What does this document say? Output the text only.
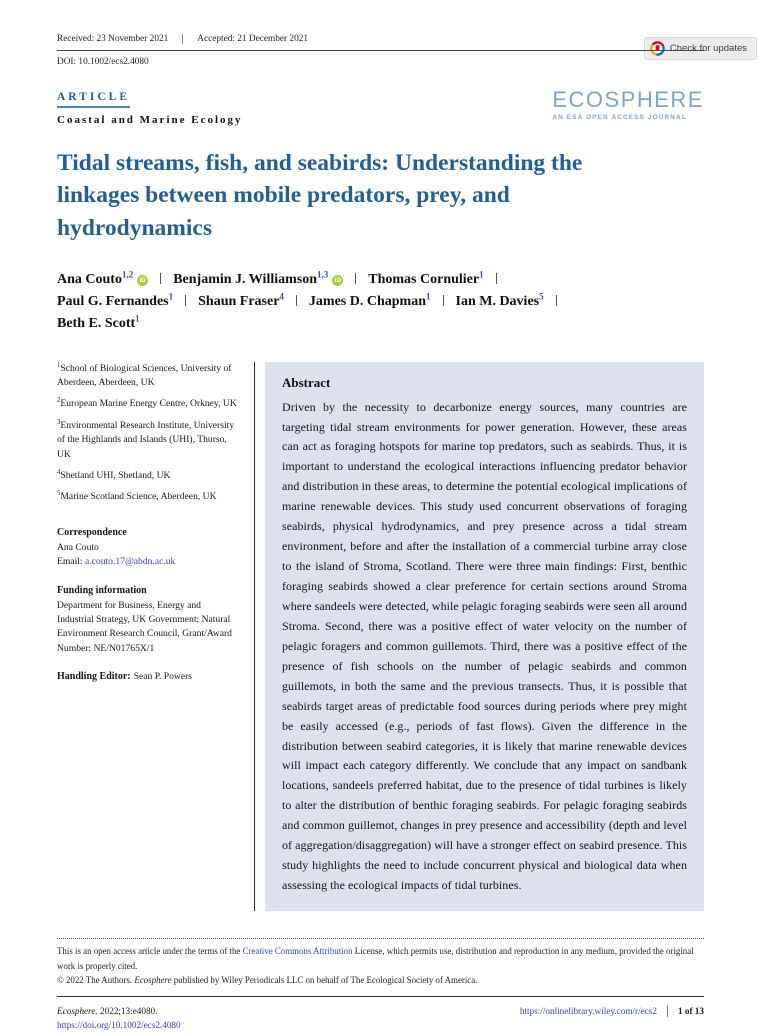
Check for updates
Received: 23 November 2021	Accepted: 21 December 2021
DOI: 10.1002/ecs2.4080
ARTICLE
Coastal and Marine Ecology
ECOSPHERE
AN ESA OPEN ACCESS JOURNAL
Tidal streams, fish, and seabirds: Understanding the
linkages between mobile predators, prey, and
hydrodynamics
Ana Couto$^{1,2}$iD Benjamin J. Williamson$^{1,3}$iD Thomas Cornulier$^1$
Paul G. Fernandes$^1$ Shaun Fraser$^4$ James D. Chapman$^1$ Ian M. Davies$^5$
Beth E. Scott$^1$
$^1$School of Biological Sciences, University of Aberdeen, Aberdeen, UK
$^2$European Marine Energy Centre, Orkney, UK
$^3$Environmental Research Institute, University of the Highlands and Islands (UHI), Thurso, UK
$^4$Shetland UHI, Shetland, UK
$^5$Marine Scotland Science, Aberdeen, UK
Correspondence
Ana Couto
Email: a.couto.17@abdn.ac.uk
Funding information
Department for Business, Energy and Industrial Strategy, UK Government; Natural Environment Research Council, Grant/Award Number: NE/N01765X/1
Handling Editor: Sean P. Powers
Abstract
Driven by the necessity to decarbonize energy sources, many countries are targeting tidal stream environments for power generation. However, these areas can act as foraging hotspots for marine top predators, such as seabirds. Thus, it is important to understand the ecological interactions influencing predator behavior and distribution in these areas, to determine the potential ecological implications of marine renewable devices. This study used concurrent observations of foraging seabirds, physical hydrodynamics, and prey presence across a tidal stream environment, before and after the installation of a commercial turbine array close to the island of Stroma, Scotland. There were three main findings: First, benthic foraging seabirds showed a clear preference for certain sections around Stroma where sandeels were detected, while pelagic foraging seabirds were seen all around Stroma. Second, there was a positive effect of water velocity on the number of pelagic foragers and common guillemots. Third, there was a positive effect of the presence of fish schools on the number of pelagic seabirds and common guillemots, in both the same and the previous transects. Thus, it is possible that seabirds target areas of predictable food sources during periods where prey might be easily accessed (e.g., periods of fast flows). Given the difference in the distribution between seabird categories, it is likely that marine renewable devices will impact each category differently. We conclude that any impact on sandbank locations, sandeels preferred habitat, due to the presence of tidal turbines is likely to alter the distribution of benthic foraging seabirds. For pelagic foraging seabirds and common guillemot, changes in prey presence and accessibility (depth and level of aggregation/disaggregation) will have a stronger effect on seabird presence. This study highlights the need to include concurrent physical and biological data when assessing the ecological impacts of tidal turbines.
This is an open access article under the terms of the Creative Commons Attribution License, which permits use, distribution and reproduction in any medium, provided the original work is properly cited.
© 2022 The Authors. Ecosphere published by Wiley Periodicals LLC on behalf of The Ecological Society of America.
Ecosphere. 2022;13:e4080.
https://doi.org/10.1002/ecs2.4080
https://onlinelibrary.wiley.com/r/ecs2 1 of 13
